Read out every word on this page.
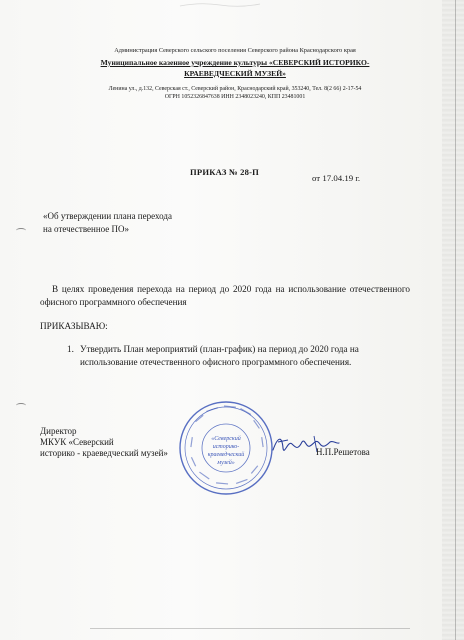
Администрация Северского сельского поселения Северского района Краснодарского края
Муниципальное казенное учреждение культуры «СЕВЕРСКИЙ ИСТОРИКО-
КРАЕВЕДЧЕСКИЙ МУЗЕЙ»
Ленина ул., д.132, Северская ст., Северский район, Краснодарский край, 353240, Тел. 8(2 66) 2-17-54
ОГРН 1052326847638 ИНН 2348023240, КПП 23481001
ПРИКАЗ № 28-П
от 17.04.19 г.
«Об утверждении плана перехода
на отечественное ПО»
В целях проведения перехода на период до 2020 года на использование отечественного офисного программного обеспечения
ПРИКАЗЫВАЮ:
1. Утвердить План мероприятий (план-график) на период до 2020 года на использование отечественного офисного программного обеспечения.
«Северский
историко-
краеведческий
музей»
Директор
МКУК «Северский
историко - краеведческий музей»	Н.П.Решетова
